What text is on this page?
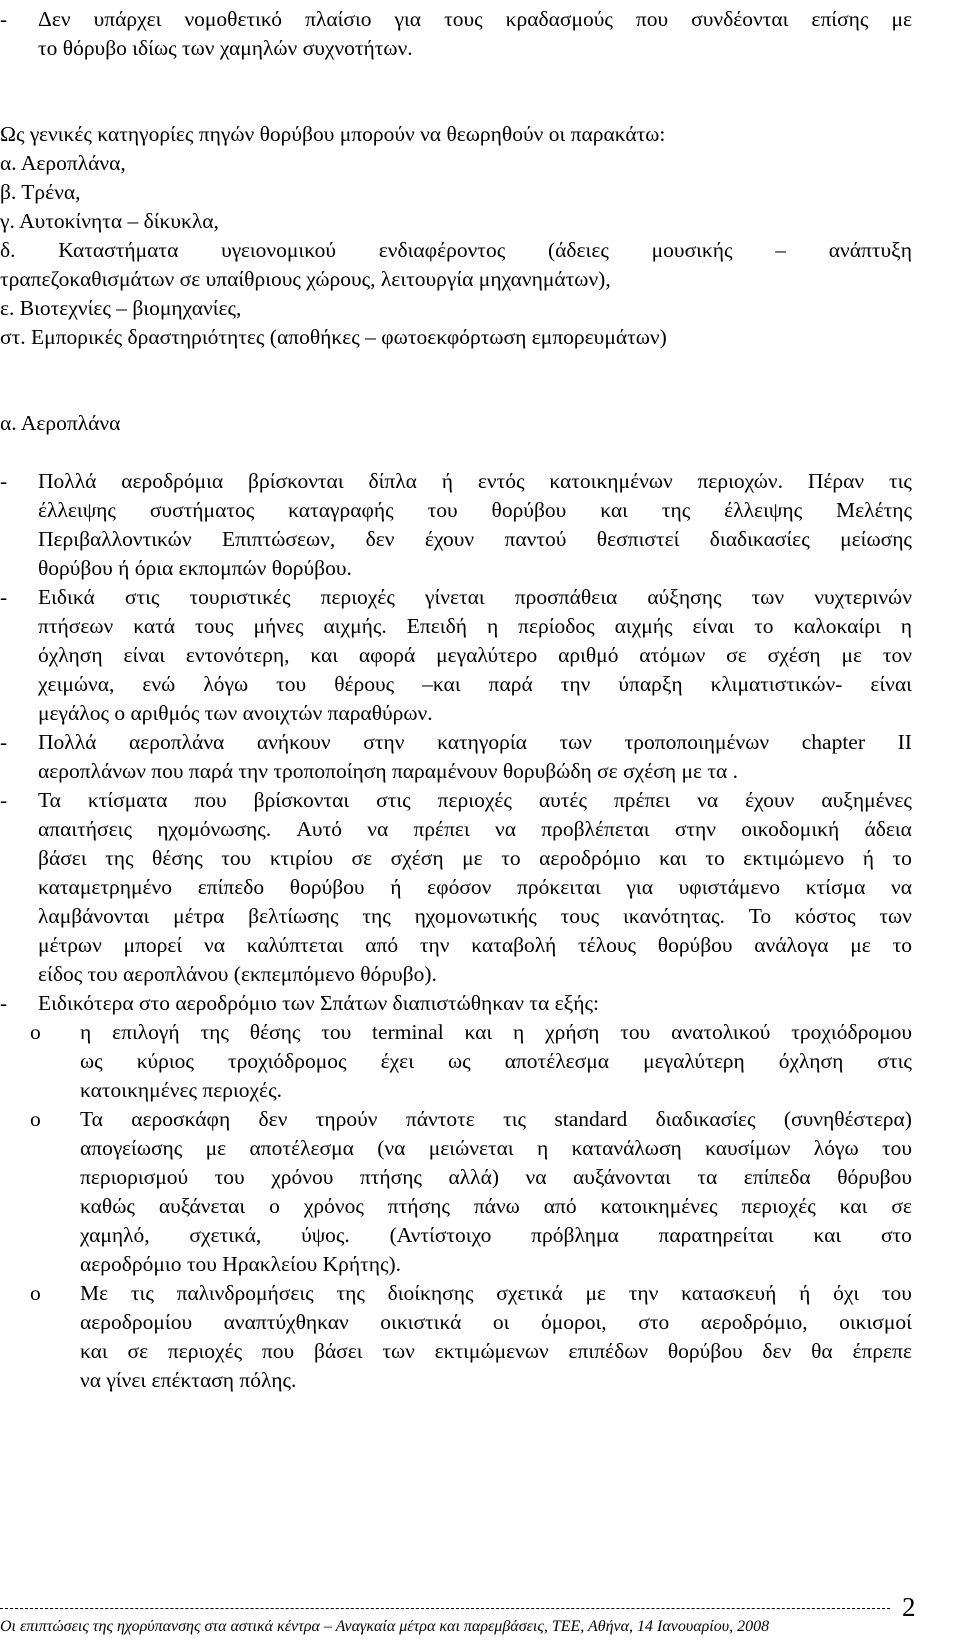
- Δεν υπάρχει νομοθετικό πλαίσιο για τους κραδασμούς που συνδέονται επίσης με
το θόρυβο ιδίως των χαμηλών συχνοτήτων.
Ως γενικές κατηγορίες πηγών θορύβου μπορούν να θεωρηθούν οι παρακάτω:
α. Αεροπλάνα,
β. Τρένα,
γ. Αυτοκίνητα – δίκυκλα,
δ. Καταστήματα υγειονομικού ενδιαφέροντος (άδειες μουσικής – ανάπτυξη
τραπεζοκαθισμάτων σε υπαίθριους χώρους, λειτουργία μηχανημάτων),
ε. Βιοτεχνίες – βιομηχανίες,
στ. Εμπορικές δραστηριότητες (αποθήκες – φωτοεκφόρτωση εμπορευμάτων)
α. Αεροπλάνα
- Πολλά αεροδρόμια βρίσκονται δίπλα ή εντός κατοικημένων περιοχών. Πέραν τις
έλλειψης συστήματος καταγραφής του θορύβου και της έλλειψης Μελέτης
Περιβαλλοντικών Επιπτώσεων, δεν έχουν παντού θεσπιστεί διαδικασίες μείωσης
θορύβου ή όρια εκπομπών θορύβου.
- Ειδικά στις τουριστικές περιοχές γίνεται προσπάθεια αύξησης των νυχτερινών
πτήσεων κατά τους μήνες αιχμής. Επειδή η περίοδος αιχμής είναι το καλοκαίρι η
όχληση είναι εντονότερη, και αφορά μεγαλύτερο αριθμό ατόμων σε σχέση με τον
χειμώνα, ενώ λόγω του θέρους –και παρά την ύπαρξη κλιματιστικών- είναι
μεγάλος ο αριθμός των ανοιχτών παραθύρων.
- Πολλά αεροπλάνα ανήκουν στην κατηγορία των τροποποιημένων chapter II
αεροπλάνων που παρά την τροποποίηση παραμένουν θορυβώδη σε σχέση με τα .
- Τα κτίσματα που βρίσκονται στις περιοχές αυτές πρέπει να έχουν αυξημένες
απαιτήσεις ηχομόνωσης. Αυτό να πρέπει να προβλέπεται στην οικοδομική άδεια
βάσει της θέσης του κτιρίου σε σχέση με το αεροδρόμιο και το εκτιμώμενο ή το
καταμετρημένο επίπεδο θορύβου ή εφόσον πρόκειται για υφιστάμενο κτίσμα να
λαμβάνονται μέτρα βελτίωσης της ηχομονωτικής τους ικανότητας. Το κόστος των
μέτρων μπορεί να καλύπτεται από την καταβολή τέλους θορύβου ανάλογα με το
είδος του αεροπλάνου (εκπεμπόμενο θόρυβο).
- Ειδικότερα στο αεροδρόμιο των Σπάτων διαπιστώθηκαν τα εξής:
o η επιλογή της θέσης του terminal και η χρήση του ανατολικού τροχιόδρομου
ως κύριος τροχιόδρομος έχει ως αποτέλεσμα μεγαλύτερη όχληση στις
κατοικημένες περιοχές.
o Τα αεροσκάφη δεν τηρούν πάντοτε τις standard διαδικασίες (συνηθέστερα)
απογείωσης με αποτέλεσμα (να μειώνεται η κατανάλωση καυσίμων λόγω του
περιορισμού του χρόνου πτήσης αλλά) να αυξάνονται τα επίπεδα θόρυβου
καθώς αυξάνεται ο χρόνος πτήσης πάνω από κατοικημένες περιοχές και σε
χαμηλό, σχετικά, ύψος. (Αντίστοιχο πρόβλημα παρατηρείται και στο
αεροδρόμιο του Ηρακλείου Κρήτης).
o Με τις παλινδρομήσεις της διοίκησης σχετικά με την κατασκευή ή όχι του
αεροδρομίου αναπτύχθηκαν οικιστικά οι όμοροι, στο αεροδρόμιο, οικισμοί
και σε περιοχές που βάσει των εκτιμώμενων επιπέδων θορύβου δεν θα έπρεπε
να γίνει επέκταση πόλης.
Οι επιπτώσεις της ηχορύπανσης στα αστικά κέντρα – Αναγκαία μέτρα και παρεμβάσεις, ΤΕΕ, Αθήνα, 14 Ιανουαρίου, 2008
2
